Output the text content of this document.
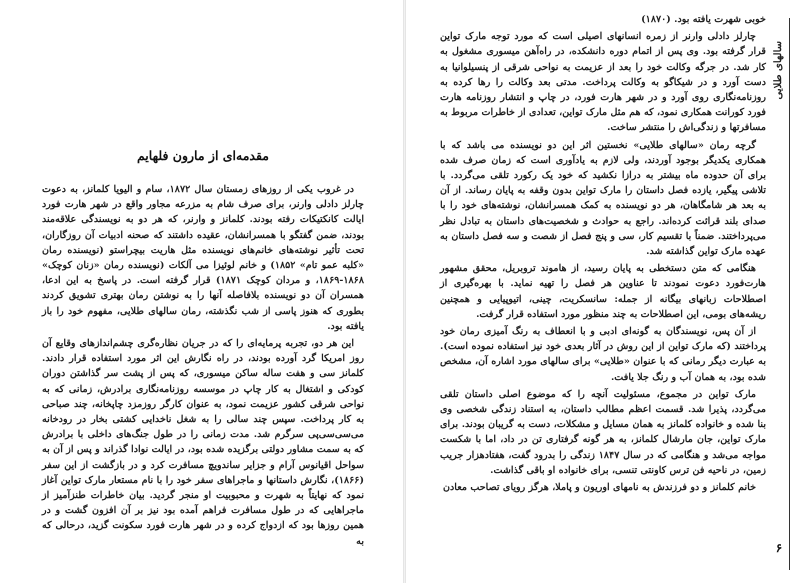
مقدمه‌ای از مارون فلهایم

در غروب یکی از روزهای زمستان سال ۱۸۷۲، سام و الیویا کلمانز، به دعوت چارلز دادلی وارنر، برای صرف شام به مزرعه مجاور واقع در شهر هارت فورد ایالت کانکتیکات رفته بودند. کلمانز و وارنر، که هر دو به نویسندگی علاقه‌مند بودند، ضمن گفتگو با همسرانشان، عقیده داشتند که صحنه ادبیات آن روزگاران، تحت تأثیر نوشته‌های خانم‌های نویسنده مثل هاریت بیچراستو (نویسنده رمان «کلبه عمو تام» ۱۸۵۲) و خانم لوئیزا می آلکات (نویسنده رمان «زنان کوچک» ۱۸۶۸-۱۸۶۹، و مردان کوچک ۱۸۷۱) قرار گرفته است. در پاسخ به این ادعا، همسران آن دو نویسنده بلافاصله آنها را به نوشتن رمان بهتری تشویق کردند بطوری که هنوز پاسی از شب نگذشته، رمان سالهای طلایی، مفهوم خود را باز یافته بود.

این هر دو، تجربه پرمایه‌ای را که در جریان نظاره‌گری چشم‌اندازهای وقایع آن روز امریکا گرد آورده بودند، در راه نگارش این اثر مورد استفاده قرار دادند. کلمانز سی و هفت ساله ساکن میسوری، که پس از پشت سر گذاشتن دوران کودکی و اشتغال به کار چاپ در موسسه روزنامه‌نگاری برادرش، زمانی که به نواحی شرقی کشور عزیمت نمود، به عنوان کارگر روزمزد چاپخانه، چند صباحی به کار پرداخت. سپس چند سالی را به شغل ناخدایی کشتی بخار در رودخانه می‌سی‌سی‌پی سرگرم شد. مدت زمانی را در طول جنگ‌های داخلی با برادرش که به سمت مشاور دولتی برگزیده شده بود، در ایالت نوادا گذراند و پس از آن به سواحل اقیانوس آرام و جزایر ساندویچ مسافرت کرد و در بازگشت از این سفر (۱۸۶۶)، نگارش داستانها و ماجراهای سفر خود را با نام مستعار مارک تواین آغاز نمود که نهایتاً به شهرت و محبوبیت او منجر گردید. بیان خاطرات طنزآمیز از ماجراهایی که در طول مسافرت فراهم آمده بود نیز بر آن افزون گشت و در همین روزها بود که ازدواج کرده و در شهر هارت فورد سکونت گزید، درحالی که به

خوبی شهرت یافته بود. (۱۸۷۰)

چارلز دادلی وارنر از زمره انسانهای اصیلی است که مورد توجه مارک تواین قرار گرفته بود. وی پس از اتمام دوره دانشکده، در راه‌آهن میسوری مشغول به کار شد. در جرگه وکالت خود را بعد از عزیمت به نواحی شرقی از پنسیلوانیا به دست آورد و در شیکاگو به وکالت پرداخت. مدتی بعد وکالت را رها کرده به روزنامه‌نگاری روی آورد و در شهر هارت فورد، در چاپ و انتشار روزنامه هارت فورد کورانت همکاری نمود، که هم مثل مارک تواین، تعدادی از خاطرات مربوط به مسافرتها و زندگی‌اش را منتشر ساخت.

گرچه رمان «سالهای طلایی» نخستین اثر این دو نویسنده می باشد که با همکاری یکدیگر بوجود آوردند، ولی لازم به یادآوری است که زمان صرف شده برای آن حدوده ماه بیشتر به درازا نکشید که خود یک رکورد تلقی می‌گردد. با تلاشی پیگیر، یازده فصل داستان را مارک تواین بدون وقفه به پایان رساند. از آن به بعد هر شامگاهان، هر دو نویسنده به کمک همسرانشان، نوشته‌های خود را با صدای بلند قرائت کرده‌اند. راجع به حوادث و شخصیت‌های داستان به تبادل نظر می‌پرداختند. ضمناً با تقسیم کار، سی و پنج فصل از شصت و سه فصل داستان به عهده مارک تواین گذاشته شد.

هنگامی که متن دستخطی به پایان رسید، از هاموند تروبریل، محقق مشهور هارت‌فورد دعوت نمودند تا عناوین هر فصل را تهیه نماید. با بهره‌گیری از اصطلاحات زبانهای بیگانه از جمله: سانسکریت، چینی، اتیوپیایی و همچنین ریشه‌های بومی، این اصطلاحات به چند منظور مورد استفاده قرار گرفت.

از آن پس، نویسندگان به گونه‌ای ادبی و با انعطاف به رنگ آمیزی رمان خود پرداختند (که مارک تواین از این روش در آثار بعدی خود نیز استفاده نموده است). به عبارت دیگر رمانی که با عنوان «طلایی» برای سالهای مورد اشاره آن، مشخص شده بود، به همان آب و رنگ جلا یافت.

مارک تواین در مجموع، مسئولیت آنچه را که موضوع اصلی داستان تلقی می‌گردد، پذیرا شد. قسمت اعظم مطالب داستان، به استناد زندگی شخصی وی بنا شده و خانواده کلمانز به همان مسایل و مشکلات، دست به گریبان بودند. برای مارک تواین، جان مارشال کلمانز، به هر گونه گرفتاری تن در داد، اما با شکست مواجه می‌شد و هنگامی که در سال ۱۸۴۷ زندگی را بدرود گفت، هفتادهزار جریب زمین، در ناحیه فن ترس کاونتی تنسی، برای خانواده او باقی گذاشت.

خانم کلمانز و دو فرزندش به نامهای اوریون و پاملا، هرگز رویای تصاحب معادن

سالهای طلایی
۶
